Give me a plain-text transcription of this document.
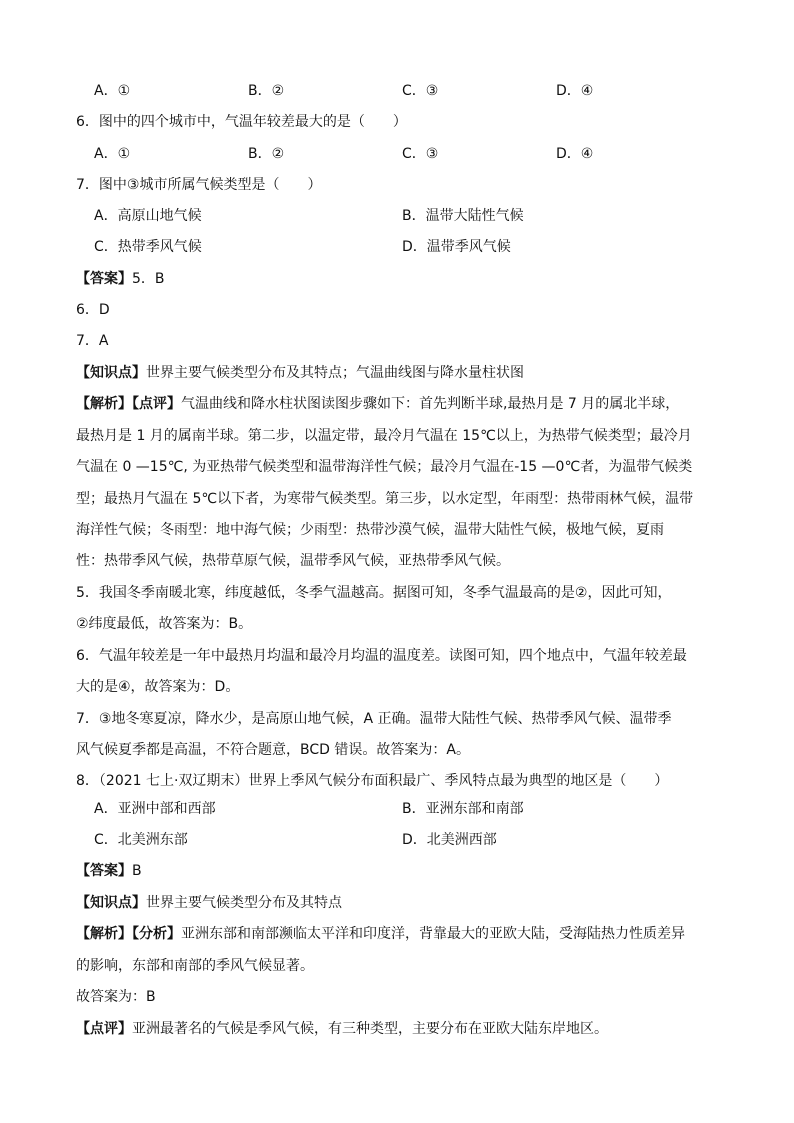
A．①	B．②	C．③	D．④
6．图中的四个城市中，气温年较差最大的是（　　）
A．①	B．②	C．③	D．④
7．图中③城市所属气候类型是（　　）
A．高原山地气候	B．温带大陆性气候
C．热带季风气候	D．温带季风气候
【答案】5．B
6．D
7．A
【知识点】世界主要气候类型分布及其特点；气温曲线图与降水量柱状图
【解析】【点评】气温曲线和降水柱状图读图步骤如下：首先判断半球,最热月是 7 月的属北半球，
最热月是 1 月的属南半球。第二步，以温定带，最冷月气温在 15℃以上，为热带气候类型；最冷月
气温在 0 —15℃, 为亚热带气候类型和温带海洋性气候；最冷月气温在-15 —0℃者，为温带气候类
型；最热月气温在 5℃以下者，为寒带气候类型。第三步，以水定型，年雨型：热带雨林气候，温带
海洋性气候；冬雨型：地中海气候；少雨型：热带沙漠气候，温带大陆性气候，极地气候，夏雨
性：热带季风气候，热带草原气候，温带季风气候，亚热带季风气候。
5．我国冬季南暖北寒，纬度越低，冬季气温越高。据图可知，冬季气温最高的是②，因此可知，
②纬度最低，故答案为：B。
6．气温年较差是一年中最热月均温和最冷月均温的温度差。读图可知，四个地点中，气温年较差最
大的是④，故答案为：D。
7．③地冬寒夏凉，降水少，是高原山地气候，A 正确。温带大陆性气候、热带季风气候、温带季
风气候夏季都是高温，不符合题意，BCD 错误。故答案为：A。
8．（2021 七上·双辽期末）世界上季风气候分布面积最广、季风特点最为典型的地区是（　　）
A．亚洲中部和西部	B．亚洲东部和南部
C．北美洲东部	D．北美洲西部
【答案】B
【知识点】世界主要气候类型分布及其特点
【解析】【分析】亚洲东部和南部濒临太平洋和印度洋，背靠最大的亚欧大陆，受海陆热力性质差异
的影响，东部和南部的季风气候显著。
故答案为：B
【点评】亚洲最著名的气候是季风气候，有三种类型，主要分布在亚欧大陆东岸地区。
